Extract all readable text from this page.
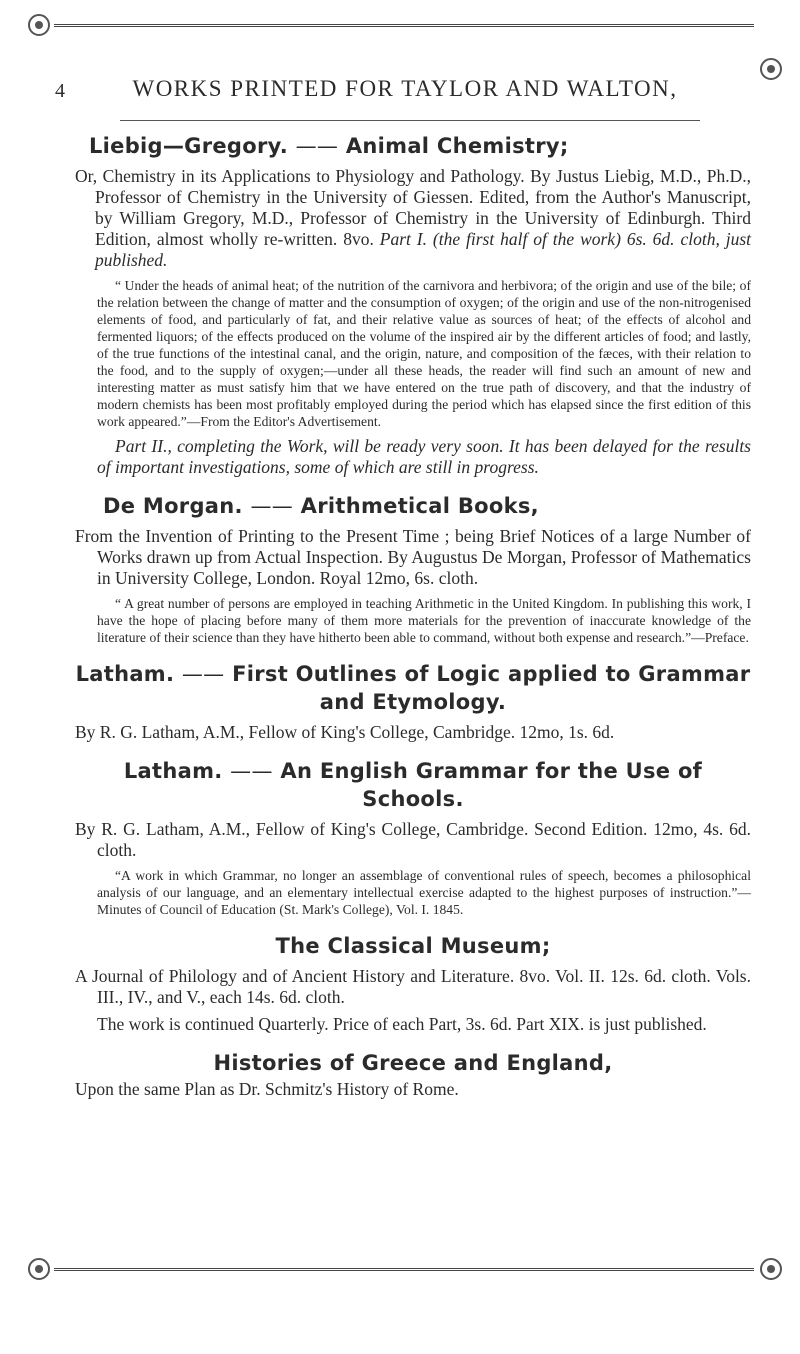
4	WORKS PRINTED FOR TAYLOR AND WALTON,

Liebig—Gregory. —— Animal Chemistry;

Or, Chemistry in its Applications to Physiology and Pathology. By Justus Liebig, M.D., Ph.D., Professor of Chemistry in the University of Giessen. Edited, from the Author's Manuscript, by William Gregory, M.D., Professor of Chemistry in the University of Edinburgh. Third Edition, almost wholly re-written. 8vo. Part I. (the first half of the work) 6s. 6d. cloth, just published.

“ Under the heads of animal heat; of the nutrition of the carnivora and herbivora; of the origin and use of the bile; of the relation between the change of matter and the consumption of oxygen; of the origin and use of the non-nitrogenised elements of food, and particularly of fat, and their relative value as sources of heat; of the effects of alcohol and fermented liquors; of the effects produced on the volume of the inspired air by the different articles of food; and lastly, of the true functions of the intestinal canal, and the origin, nature, and composition of the fæces, with their relation to the food, and to the supply of oxygen;—under all these heads, the reader will find such an amount of new and interesting matter as must satisfy him that we have entered on the true path of discovery, and that the industry of modern chemists has been most profitably employed during the period which has elapsed since the first edition of this work appeared.”—From the Editor's Advertisement.

Part II., completing the Work, will be ready very soon. It has been delayed for the results of important investigations, some of which are still in progress.

De Morgan. —— Arithmetical Books,

From the Invention of Printing to the Present Time ; being Brief Notices of a large Number of Works drawn up from Actual Inspection. By Augustus De Morgan, Professor of Mathematics in University College, London. Royal 12mo, 6s. cloth.

“ A great number of persons are employed in teaching Arithmetic in the United Kingdom. In publishing this work, I have the hope of placing before many of them more materials for the prevention of inaccurate knowledge of the literature of their science than they have hitherto been able to command, without both expense and research.”—Preface.

Latham. —— First Outlines of Logic applied to Grammar and Etymology.

By R. G. Latham, A.M., Fellow of King's College, Cambridge. 12mo, 1s. 6d.

Latham. —— An English Grammar for the Use of Schools.

By R. G. Latham, A.M., Fellow of King's College, Cambridge. Second Edition. 12mo, 4s. 6d. cloth.

“A work in which Grammar, no longer an assemblage of conventional rules of speech, becomes a philosophical analysis of our language, and an elementary intellectual exercise adapted to the highest purposes of instruction.”—Minutes of Council of Education (St. Mark's College), Vol. I. 1845.

The Classical Museum;

A Journal of Philology and of Ancient History and Literature. 8vo. Vol. II. 12s. 6d. cloth. Vols. III., IV., and V., each 14s. 6d. cloth.

The work is continued Quarterly. Price of each Part, 3s. 6d. Part XIX. is just published.

Histories of Greece and England,

Upon the same Plan as Dr. Schmitz's History of Rome.
